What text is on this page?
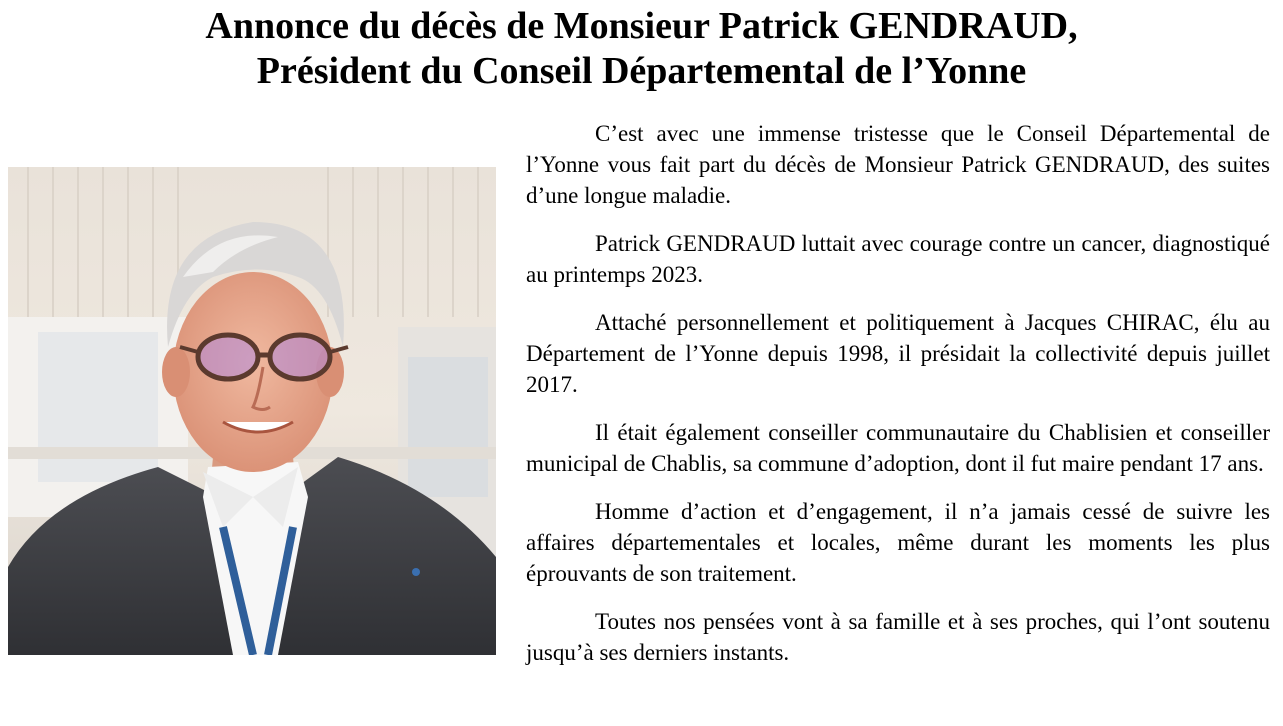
Annonce du décès de Monsieur Patrick GENDRAUD,
Président du Conseil Départemental de l’Yonne

C’est avec une immense tristesse que le Conseil Départemental de l’Yonne vous fait part du décès de Monsieur Patrick GENDRAUD, des suites d’une longue maladie.

Patrick GENDRAUD luttait avec courage contre un cancer, diagnostiqué au printemps 2023.

Attaché personnellement et politiquement à Jacques CHIRAC, élu au Département de l’Yonne depuis 1998, il présidait la collectivité depuis juillet 2017.

Il était également conseiller communautaire du Chablisien et conseiller municipal de Chablis, sa commune d’adoption, dont il fut maire pendant 17 ans.

Homme d’action et d’engagement, il n’a jamais cessé de suivre les affaires départementales et locales, même durant les moments les plus éprouvants de son traitement.

Toutes nos pensées vont à sa famille et à ses proches, qui l’ont soutenu jusqu’à ses derniers instants.
